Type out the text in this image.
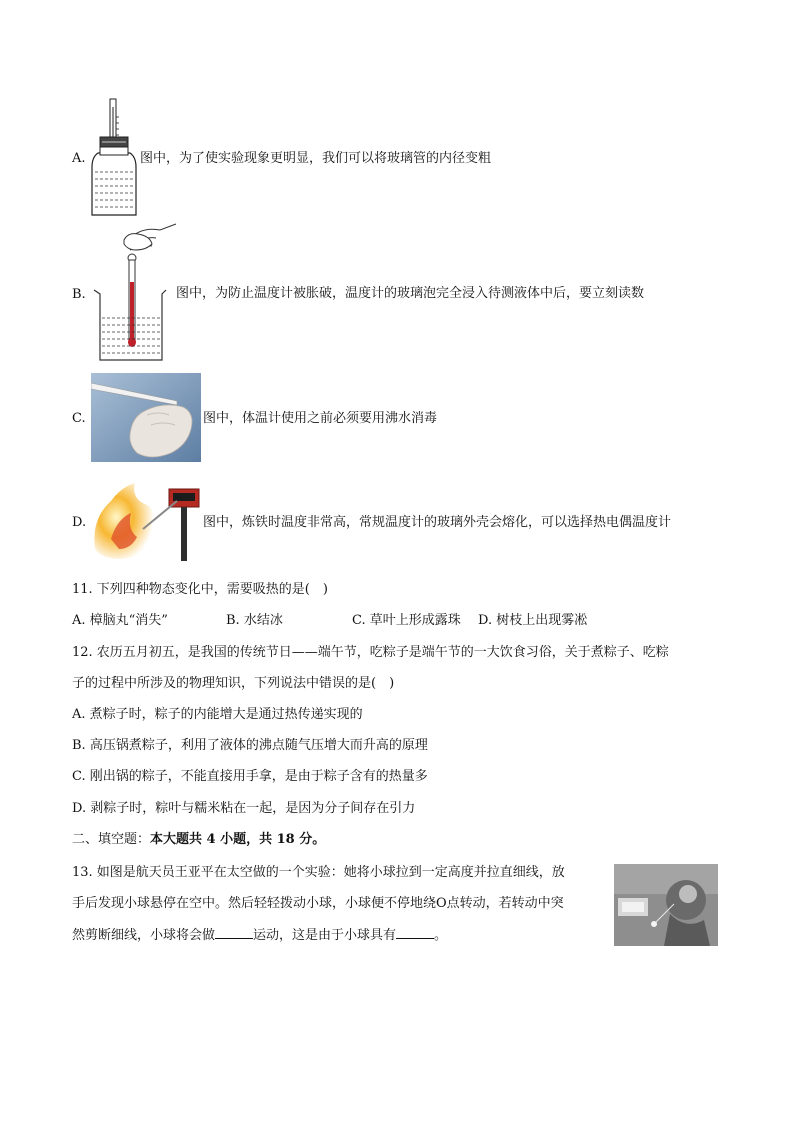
A.	图中，为了使实验现象更明显，我们可以将玻璃管的内径变粗
B.	图中，为防止温度计被胀破，温度计的玻璃泡完全浸入待测液体中后，要立刻读数
C.	图中，体温计使用之前必须要用沸水消毒
D.	图中，炼铁时温度非常高，常规温度计的玻璃外壳会熔化，可以选择热电偶温度计
11. 下列四种物态变化中，需要吸热的是(　)
A. 樟脑丸“消失”	B. 水结冰	C. 草叶上形成露珠 D. 树枝上出现雾凇
12. 农历五月初五，是我国的传统节日——端午节，吃粽子是端午节的一大饮食习俗，关于煮粽子、吃粽
子的过程中所涉及的物理知识，下列说法中错误的是(　)
A. 煮粽子时，粽子的内能增大是通过热传递实现的
B. 高压锅煮粽子，利用了液体的沸点随气压增大而升高的原理
C. 刚出锅的粽子，不能直接用手拿，是由于粽子含有的热量多
D. 剥粽子时，粽叶与糯米粘在一起，是因为分子间存在引力
二、填空题：本大题共 4 小题，共 18 分。
13. 如图是航天员王亚平在太空做的一个实验：她将小球拉到一定高度并拉直细线，放
手后发现小球悬停在空中。然后轻轻拨动小球，小球便不停地绕O点转动，若转动中突
然剪断细线，小球将会做	运动，这是由于小球具有	。
